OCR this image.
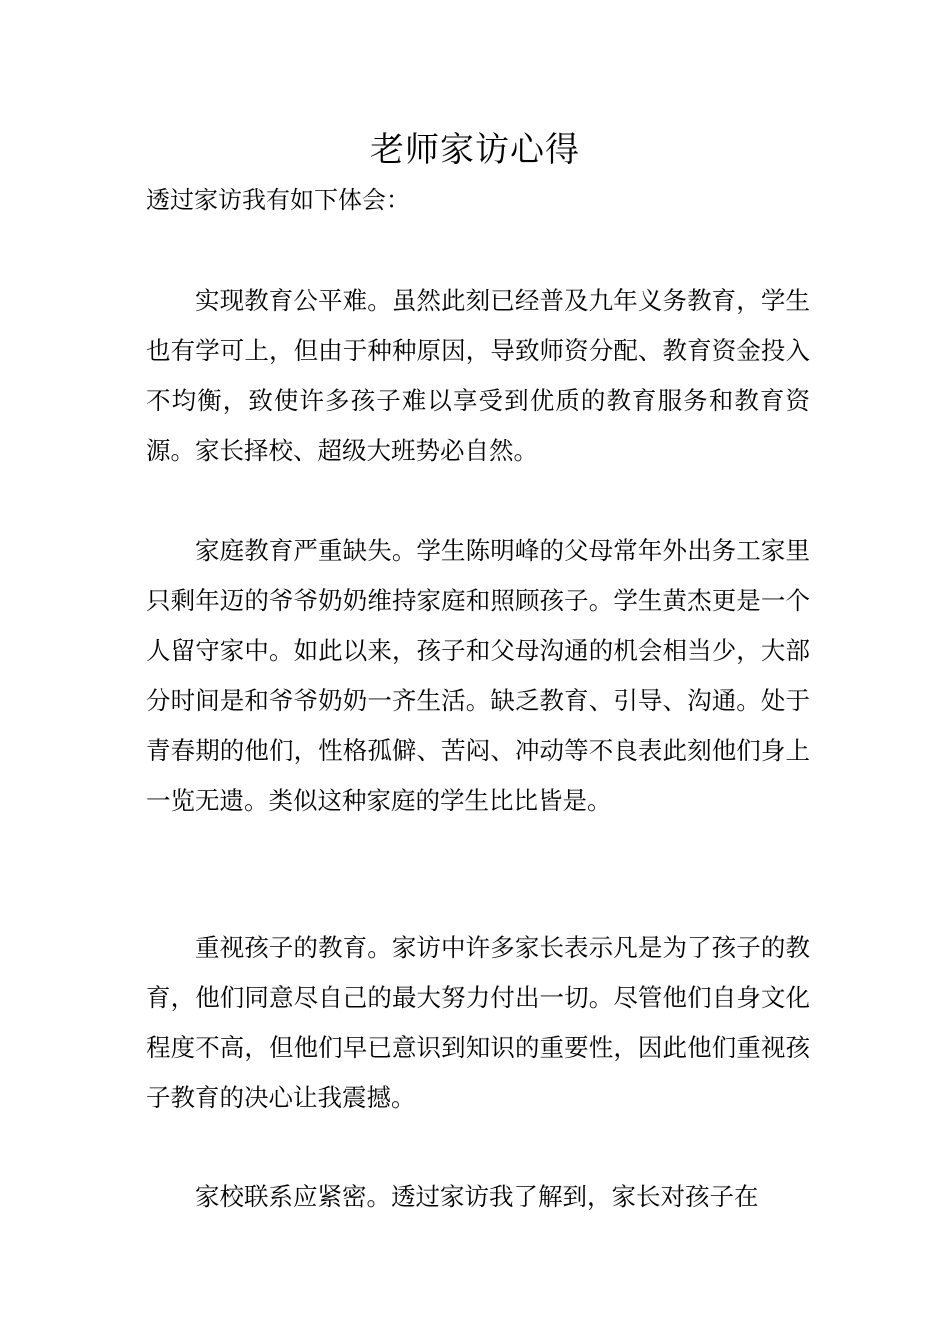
老师家访心得

透过家访我有如下体会：

实现教育公平难。虽然此刻已经普及九年义务教育，学生也有学可上，但由于种种原因，导致师资分配、教育资金投入不均衡，致使许多孩子难以享受到优质的教育服务和教育资源。家长择校、超级大班势必自然。

家庭教育严重缺失。学生陈明峰的父母常年外出务工家里只剩年迈的爷爷奶奶维持家庭和照顾孩子。学生黄杰更是一个人留守家中。如此以来，孩子和父母沟通的机会相当少，大部分时间是和爷爷奶奶一齐生活。缺乏教育、引导、沟通。处于青春期的他们，性格孤僻、苦闷、冲动等不良表此刻他们身上一览无遗。类似这种家庭的学生比比皆是。

重视孩子的教育。家访中许多家长表示凡是为了孩子的教育，他们同意尽自己的最大努力付出一切。尽管他们自身文化程度不高，但他们早已意识到知识的重要性，因此他们重视孩子教育的决心让我震撼。

家校联系应紧密。透过家访我了解到，家长对孩子在
